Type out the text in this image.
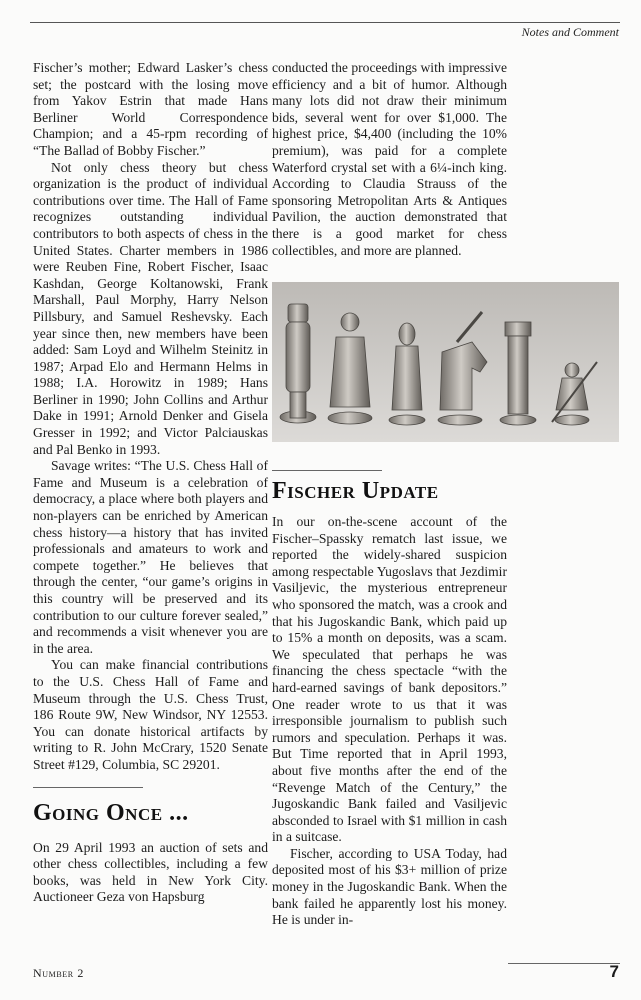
Notes and Comment

Fischer’s mother; Edward Lasker’s chess set; the postcard with the losing move from Yakov Estrin that made Hans Berliner World Correspondence Champion; and a 45-rpm recording of “The Ballad of Bobby Fischer.”

Not only chess theory but chess organization is the product of individual contributions over time. The Hall of Fame recognizes outstanding individual contributors to both aspects of chess in the United States. Charter members in 1986 were Reuben Fine, Robert Fischer, Isaac Kashdan, George Koltanowski, Frank Marshall, Paul Morphy, Harry Nelson Pillsbury, and Samuel Reshevsky. Each year since then, new members have been added: Sam Loyd and Wilhelm Steinitz in 1987; Arpad Elo and Hermann Helms in 1988; I.A. Horowitz in 1989; Hans Berliner in 1990; John Collins and Arthur Dake in 1991; Arnold Denker and Gisela Gresser in 1992; and Victor Palciauskas and Pal Benko in 1993.

Savage writes: “The U.S. Chess Hall of Fame and Museum is a celebration of democracy, a place where both players and non-players can be enriched by American chess history—a history that has invited professionals and amateurs to work and compete together.” He believes that through the center, “our game’s origins in this country will be preserved and its contribution to our culture forever sealed,” and recommends a visit whenever you are in the area.

You can make financial contributions to the U.S. Chess Hall of Fame and Museum through the U.S. Chess Trust, 186 Route 9W, New Windsor, NY 12553. You can donate historical artifacts by writing to R. John McCrary, 1520 Senate Street #129, Columbia, SC 29201.

Going Once ...

On 29 April 1993 an auction of sets and other chess collectibles, including a few books, was held in New York City. Auctioneer Geza von Hapsburg

conducted the proceedings with impressive efficiency and a bit of humor. Although many lots did not draw their minimum bids, several went for over $1,000. The highest price, $4,400 (including the 10% premium), was paid for a complete Waterford crystal set with a 6¼-inch king. According to Claudia Strauss of the sponsoring Metropolitan Arts & Antiques Pavilion, the auction demonstrated that there is a good market for chess collectibles, and more are planned.

Fischer Update

In our on-the-scene account of the Fischer–Spassky rematch last issue, we reported the widely-shared suspicion among respectable Yugoslavs that Jezdimir Vasiljevic, the mysterious entrepreneur who sponsored the match, was a crook and that his Jugoskandic Bank, which paid up to 15% a month on deposits, was a scam. We speculated that perhaps he was financing the chess spectacle “with the hard-earned savings of bank depositors.” One reader wrote to us that it was irresponsible journalism to publish such rumors and speculation. Perhaps it was. But Time reported that in April 1993, about five months after the end of the “Revenge Match of the Century,” the Jugoskandic Bank failed and Vasiljevic absconded to Israel with $1 million in cash in a suitcase.

Fischer, according to USA Today, had deposited most of his $3+ million of prize money in the Jugoskandic Bank. When the bank failed he apparently lost his money. He is under in-

Number 2	7
